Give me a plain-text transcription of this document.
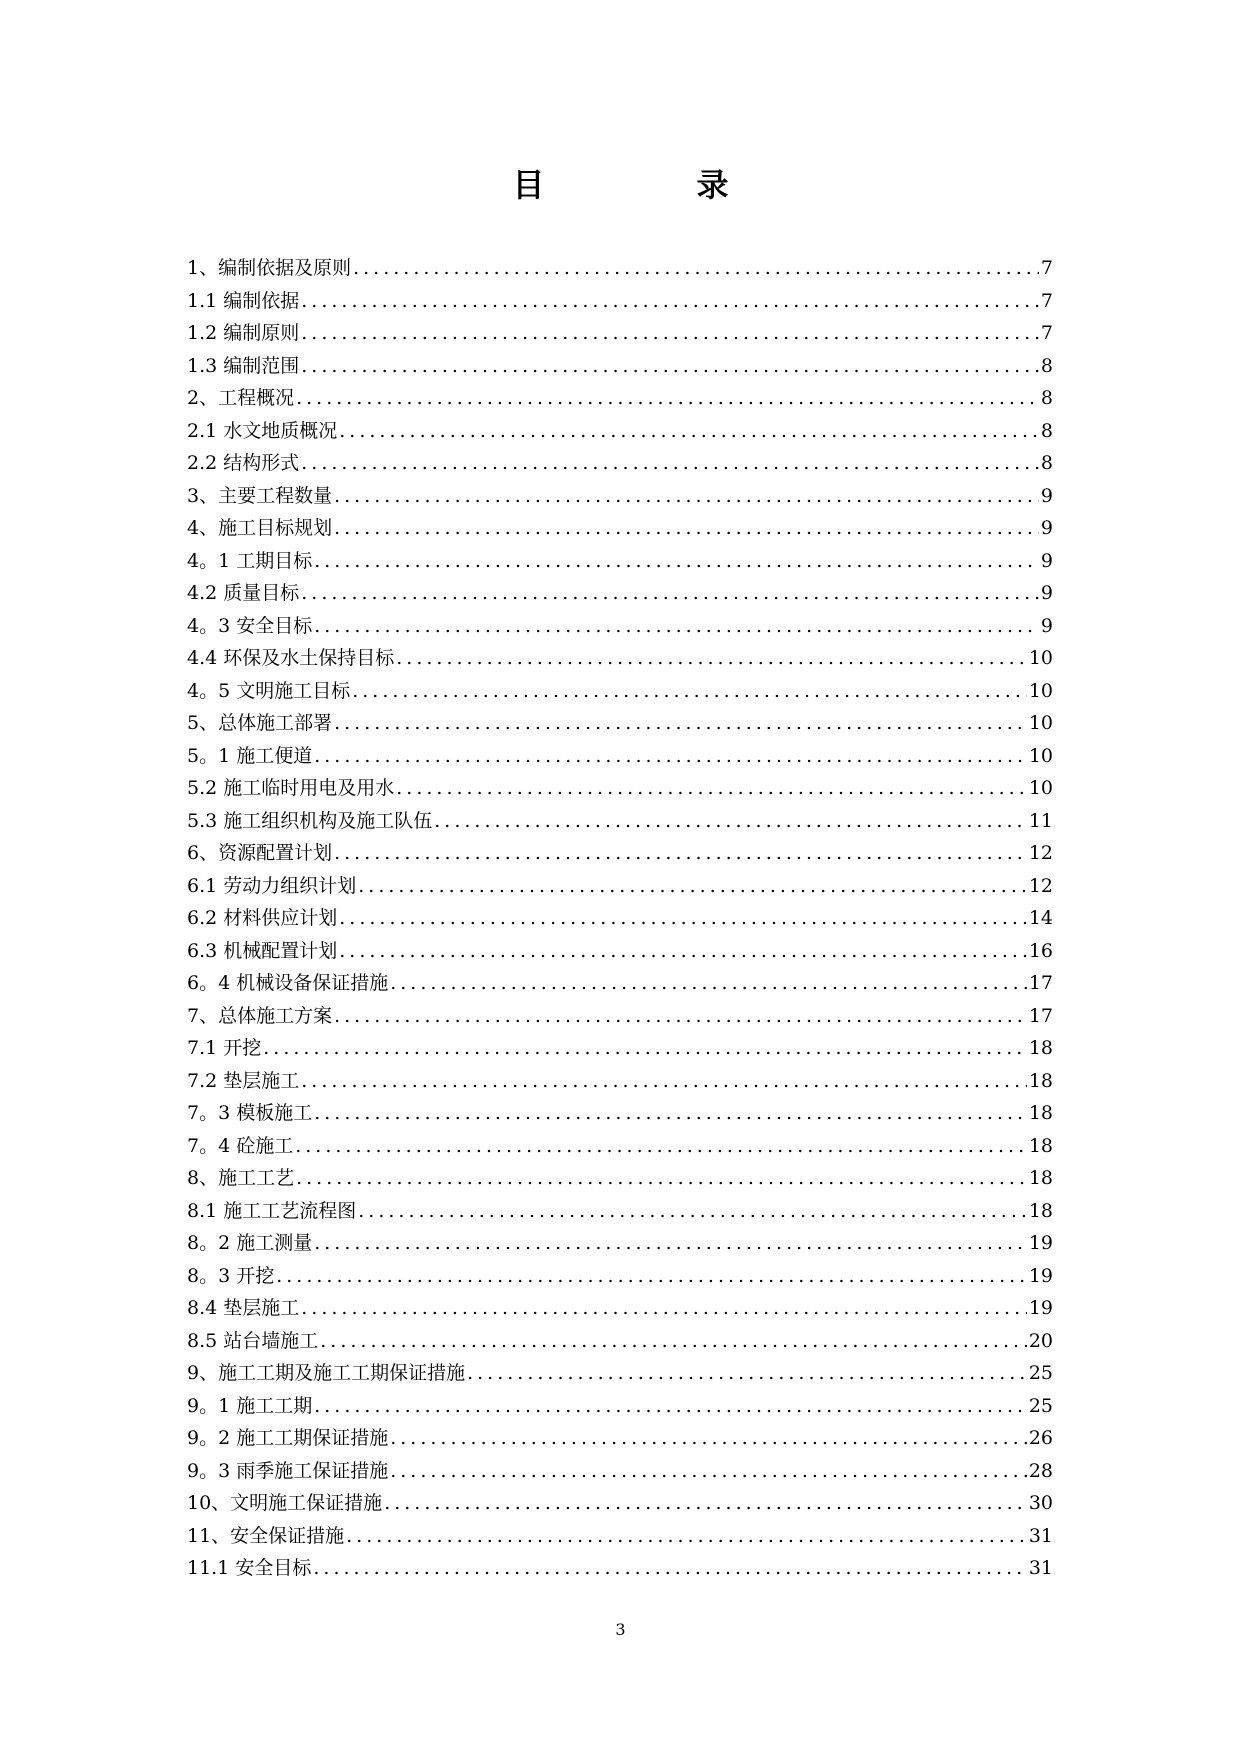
目　录
1、编制依据及原则 .....	7
1.1 编制依据 .....	7
1.2 编制原则 .....	7
1.3 编制范围 .....	8
2、工程概况 .....	8
2.1 水文地质概况 .....	8
2.2 结构形式 .....	8
3、主要工程数量 .....	9
4、施工目标规划 .....	9
4。1 工期目标 .....	9
4.2 质量目标 .....	9
4。3 安全目标 .....	9
4.4 环保及水土保持目标 .....	10
4。5 文明施工目标 .....	10
5、总体施工部署 .....	10
5。1 施工便道 .....	10
5.2 施工临时用电及用水 .....	10
5.3 施工组织机构及施工队伍 .....	11
6、资源配置计划 .....	12
6.1 劳动力组织计划 .....	12
6.2 材料供应计划 .....	14
6.3 机械配置计划 .....	16
6。4 机械设备保证措施 .....	17
7、总体施工方案 .....	17
7.1 开挖 .....	18
7.2 垫层施工 .....	18
7。3 模板施工 .....	18
7。4 砼施工 .....	18
8、施工工艺 .....	18
8.1 施工工艺流程图 .....	18
8。2 施工测量 .....	19
8。3 开挖 .....	19
8.4 垫层施工 .....	19
8.5 站台墙施工 .....	20
9、施工工期及施工工期保证措施 .....	25
9。1 施工工期 .....	25
9。2 施工工期保证措施 .....	26
9。3 雨季施工保证措施 .....	28
10、文明施工保证措施 .....	30
11、安全保证措施 .....	31
11.1 安全目标 .....	31
3
